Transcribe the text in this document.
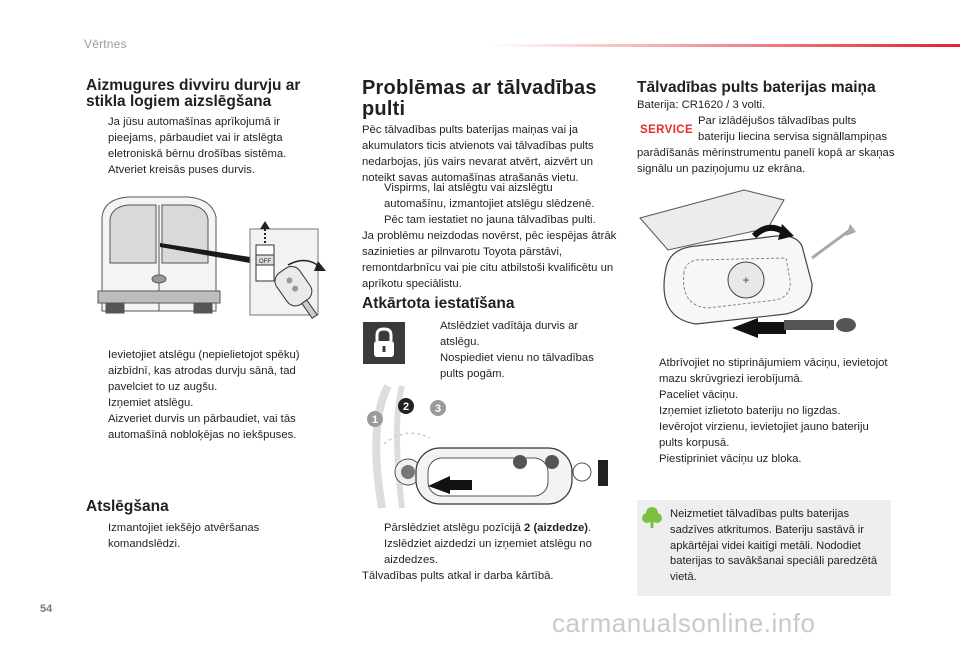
Vērtnes
Aizmugures divviru durvju ar stikla logiem aizslēgšana
Ja jūsu automašīnas aprīkojumā ir pieejams, pārbaudiet vai ir atslēgta eletroniskā bērnu drošības sistēma.
Atveriet kreisās puses durvis.
OFF
Ievietojiet atslēgu (nepielietojot spēku) aizbīdnī, kas atrodas durvju sānā, tad pavelciet to uz augšu.
Izņemiet atslēgu.
Aizveriet durvis un pārbaudiet, vai tās automašīnā nobloķējas no iekšpuses.
Atslēgšana
Izmantojiet iekšējo atvēršanas komandslēdzi.
Problēmas ar tālvadības
pulti
Pēc tālvadības pults baterijas maiņas vai ja akumulators ticis atvienots vai tālvadības pults nedarbojas, jūs vairs nevarat atvērt, aizvērt un noteikt savas automašīnas atrašanās vietu.
Vispirms, lai atslēgtu vai aizslēgtu automašīnu, izmantojiet atslēgu slēdzenē.
Pēc tam iestatiet no jauna tālvadības pulti.
Ja problēmu neizdodas novērst, pēc iespējas ātrāk sazinieties ar pilnvarotu Toyota pārstāvi, remontdarbnīcu vai pie citu atbilstoši kvalificētu un aprīkotu speciālistu.
Atkārtota iestatīšana
Atslēdziet vadītāja durvis ar atslēgu.
Nospiediet vienu no tālvadības pults pogām.
1
2 3
Pārslēdziet atslēgu pozīcijā 2 (aizdedze).
Izslēdziet aizdedzi un izņemiet atslēgu no aizdedzes.
Tālvadības pults atkal ir darba kārtībā.
Tālvadības pults baterijas maiņa
Baterija: CR1620 / 3 volti.
SERVICE
Par izlādējušos tālvadības pults
bateriju liecina servisa signāllampiņas
parādīšanās mērinstrumentu panelī kopā ar skaņas signālu un paziņojumu uz ekrāna.
+
Atbrīvojiet no stiprinājumiem vāciņu, ievietojot mazu skrūvgriezi ierobījumā.
Paceliet vāciņu.
Izņemiet izlietoto bateriju no ligzdas.
Ievērojot virzienu, ievietojiet jauno bateriju pults korpusā.
Piestipriniet vāciņu uz bloka.
Neizmetiet tālvadības pults baterijas sadzīves atkritumos. Bateriju sastāvā ir apkārtējai videi kaitīgi metāli. Nododiet baterijas to savākšanai speciāli paredzētā vietā.
54	carmanualsonline.info
